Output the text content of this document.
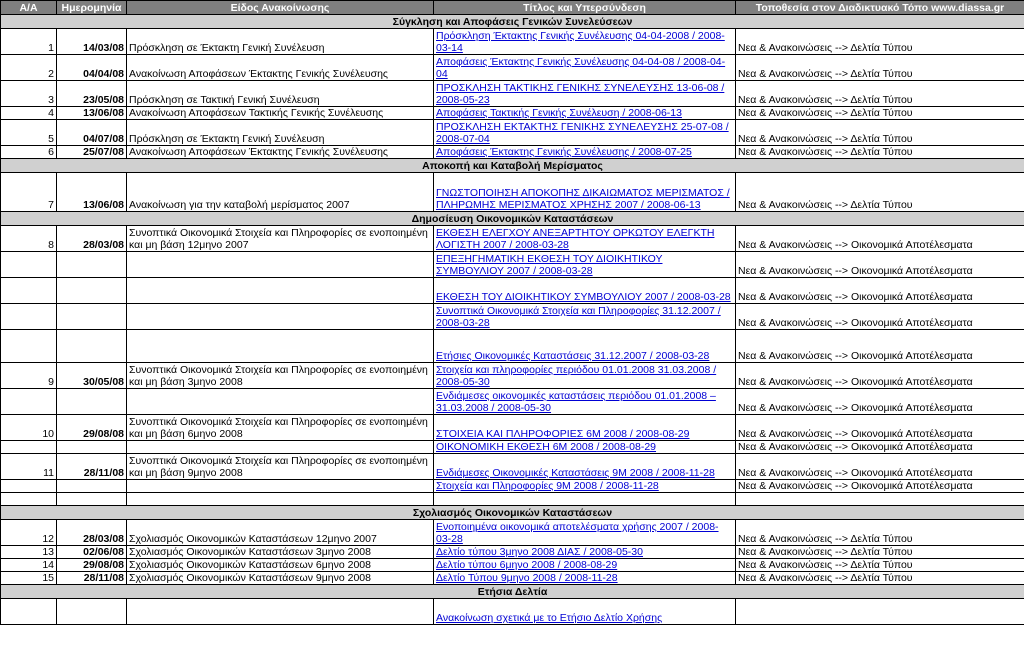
Α/Α	Ημερομηνία	Είδος Ανακοίνωσης	Τίτλος και Υπερσύνδεση	Τοποθεσία στον Διαδικτυακό Τόπο www.diassa.gr
Σύγκληση και Αποφάσεις Γενικών Συνελεύσεων				
1	14/03/08	Πρόσκληση σε Έκτακτη Γενική Συνέλευση	Πρόσκληση Έκτακτης Γενικής Συνέλευσης 04-04-2008 / 2008-03-14	Νεα & Ανακοινώσεις --> Δελτία Τύπου
2	04/04/08	Ανακοίνωση Αποφάσεων Έκτακτης Γενικής Συνέλευσης	Αποφάσεις Έκτακτης Γενικής Συνέλευσης 04-04-08 / 2008-04-04	Νεα & Ανακοινώσεις --> Δελτία Τύπου
3	23/05/08	Πρόσκληση σε Τακτική Γενική Συνέλευση	ΠΡΟΣΚΛΗΣΗ ΤΑΚΤΙΚΗΣ ΓΕΝΙΚΗΣ ΣΥΝΕΛΕΥΣΗΣ 13-06-08 / 2008-05-23	Νεα & Ανακοινώσεις --> Δελτία Τύπου
4	13/06/08	Ανακοίνωση Αποφάσεων Τακτικής Γενικής Συνέλευσης	Αποφάσεις Τακτικής Γενικής Συνέλευση / 2008-06-13	Νεα & Ανακοινώσεις --> Δελτία Τύπου
5	04/07/08	Πρόσκληση σε Έκτακτη Γενική Συνέλευση	ΠΡΟΣΚΛΗΣΗ ΕΚΤΑΚΤΗΣ ΓΕΝΙΚΗΣ ΣΥΝΕΛΕΥΣΗΣ 25-07-08 / 2008-07-04	Νεα & Ανακοινώσεις --> Δελτία Τύπου
6	25/07/08	Ανακοίνωση Αποφάσεων Έκτακτης Γενικής Συνέλευσης	Αποφάσεις Έκτακτης Γενικής Συνέλευσης / 2008-07-25	Νεα & Ανακοινώσεις --> Δελτία Τύπου
Αποκοπή και Καταβολή Μερίσματος				
7	13/06/08	Ανακοίνωση για την καταβολή μερίσματος 2007	ΓΝΩΣΤΟΠΟΙΗΣΗ ΑΠΟΚΟΠΗΣ ΔΙΚΑΙΩΜΑΤΟΣ ΜΕΡΙΣΜΑΤΟΣ / ΠΛΗΡΩΜΗΣ ΜΕΡΙΣΜΑΤΟΣ ΧΡΗΣΗΣ 2007 / 2008-06-13	Νεα & Ανακοινώσεις --> Δελτία Τύπου
Δημοσίευση Οικονομικών Καταστάσεων				
8	28/03/08	Συνοπτικά Οικονομικά Στοιχεία και Πληροφορίες σε ενοποιημένη και μη βάση 12μηνο 2007	ΕΚΘΕΣΗ ΕΛΕΓΧΟΥ ΑΝΕΞΑΡΤΗΤΟΥ ΟΡΚΩΤΟΥ ΕΛΕΓΚΤΗ ΛΟΓΙΣΤΗ 2007 / 2008-03-28	Νεα & Ανακοινώσεις --> Οικονομικά Αποτέλεσματα
			ΕΠΕΞΗΓΗΜΑΤΙΚΗ ΕΚΘΕΣΗ ΤΟΥ ΔΙΟΙΚΗΤΙΚΟΥ ΣΥΜΒΟΥΛΙΟΥ 2007 / 2008-03-28	Νεα & Ανακοινώσεις --> Οικονομικά Αποτέλεσματα
			ΕΚΘΕΣΗ ΤΟΥ ΔΙΟΙΚΗΤΙΚΟΥ ΣΥΜΒΟΥΛΙΟΥ 2007 / 2008-03-28	Νεα & Ανακοινώσεις --> Οικονομικά Αποτέλεσματα
			Συνοπτικά Οικονομικά Στοιχεία και Πληροφορίες 31.12.2007 / 2008-03-28	Νεα & Ανακοινώσεις --> Οικονομικά Αποτέλεσματα
			Ετήσιες Οικονομικές Καταστάσεις 31.12.2007 / 2008-03-28	Νεα & Ανακοινώσεις --> Οικονομικά Αποτέλεσματα
9	30/05/08	Συνοπτικά Οικονομικά Στοιχεία και Πληροφορίες σε ενοποιημένη και μη βάση 3μηνο 2008	Στοιχεία και πληροφορίες περιόδου 01.01.2008 31.03.2008 / 2008-05-30	Νεα & Ανακοινώσεις --> Οικονομικά Αποτέλεσματα
			Ενδιάμεσες οικονομικές καταστάσεις περιόδου 01.01.2008 – 31.03.2008 / 2008-05-30	Νεα & Ανακοινώσεις --> Οικονομικά Αποτέλεσματα
10	29/08/08	Συνοπτικά Οικονομικά Στοιχεία και Πληροφορίες σε ενοποιημένη και μη βάση 6μηνο 2008	ΣΤΟΙΧΕΙΑ ΚΑΙ ΠΛΗΡΟΦΟΡΙΕΣ 6Μ 2008 / 2008-08-29	Νεα & Ανακοινώσεις --> Οικονομικά Αποτέλεσματα
			ΟΙΚΟΝΟΜΙΚΗ ΕΚΘΕΣΗ 6Μ 2008 / 2008-08-29	Νεα & Ανακοινώσεις --> Οικονομικά Αποτέλεσματα
11	28/11/08	Συνοπτικά Οικονομικά Στοιχεία και Πληροφορίες σε ενοποιημένη και μη βάση 9μηνο 2008	Ενδιάμεσες Οικονομικές Καταστάσεις 9Μ 2008 / 2008-11-28	Νεα & Ανακοινώσεις --> Οικονομικά Αποτέλεσματα
			Στοιχεία και Πληροφορίες 9Μ 2008 / 2008-11-28	Νεα & Ανακοινώσεις --> Οικονομικά Αποτέλεσματα

Σχολιασμός Οικονομικών Καταστάσεων				
12	28/03/08	Σχολιασμός Οικονομικών Καταστάσεων 12μηνο 2007	Ενοποιημένα οικονομικά αποτελέσματα χρήσης 2007 / 2008-03-28	Νεα & Ανακοινώσεις --> Δελτία Τύπου
13	02/06/08	Σχολιασμός Οικονομικών Καταστάσεων 3μηνο 2008	Δελτίο τύπου 3μηνο 2008 ΔΙΑΣ / 2008-05-30	Νεα & Ανακοινώσεις --> Δελτία Τύπου
14	29/08/08	Σχολιασμός Οικονομικών Καταστάσεων 6μηνο 2008	Δελτίο τύπου 6μηνο 2008 / 2008-08-29	Νεα & Ανακοινώσεις --> Δελτία Τύπου
15	28/11/08	Σχολιασμός Οικονομικών Καταστάσεων 9μηνο 2008	Δελτίο Τύπου 9μηνο 2008 / 2008-11-28	Νεα & Ανακοινώσεις --> Δελτία Τύπου
Ετήσια Δελτία				
			Ανακοίνωση σχετικά με το Ετήσιο Δελτίο Χρήσης	
